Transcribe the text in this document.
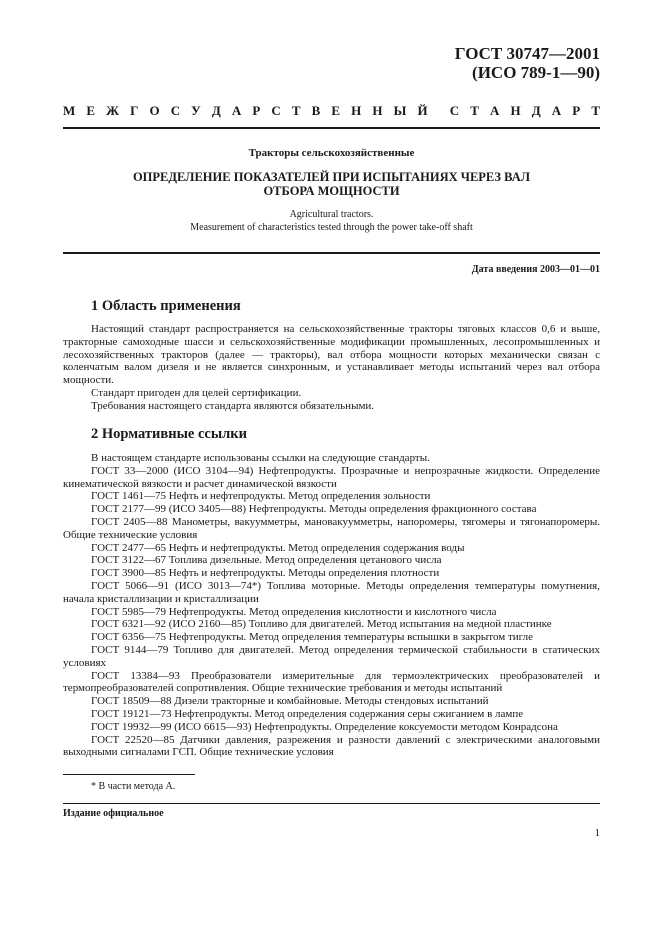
ГОСТ 30747—2001
(ИСО 789-1—90)
М Е Ж Г О С У Д А Р С Т В Е Н Н Ы Й С Т А Н Д А Р Т
Тракторы сельскохозяйственные
ОПРЕДЕЛЕНИЕ ПОКАЗАТЕЛЕЙ ПРИ ИСПЫТАНИЯХ ЧЕРЕЗ ВАЛ
ОТБОРА МОЩНОСТИ
Agricultural tractors.
Measurement of characteristics tested through the power take-off shaft
Дата введения 2003—01—01
1 Область применения

Настоящий стандарт распространяется на сельскохозяйственные тракторы тяговых классов 0,6 и выше, тракторные самоходные шасси и сельскохозяйственные модификации промышленных, лесопромышленных и лесохозяйственных тракторов (далее — тракторы), вал отбора мощности которых механически связан с коленчатым валом дизеля и не является синхронным, и устанавливает методы испытаний через вал отбора мощности.

Стандарт пригоден для целей сертификации.

Требования настоящего стандарта являются обязательными.

2 Нормативные ссылки

В настоящем стандарте использованы ссылки на следующие стандарты.

ГОСТ 33—2000 (ИСО 3104—94) Нефтепродукты. Прозрачные и непрозрачные жидкости. Определение кинематической вязкости и расчет динамической вязкости

ГОСТ 1461—75 Нефть и нефтепродукты. Метод определения зольности

ГОСТ 2177—99 (ИСО 3405—88) Нефтепродукты. Методы определения фракционного состава

ГОСТ 2405—88 Манометры, вакуумметры, мановакуумметры, напоромеры, тягомеры и тягонапоромеры. Общие технические условия

ГОСТ 2477—65 Нефть и нефтепродукты. Метод определения содержания воды

ГОСТ 3122—67 Топлива дизельные. Метод определения цетанового числа

ГОСТ 3900—85 Нефть и нефтепродукты. Методы определения плотности

ГОСТ 5066—91 (ИСО 3013—74*) Топлива моторные. Методы определения температуры помутнения, начала кристаллизации и кристаллизации

ГОСТ 5985—79 Нефтепродукты. Метод определения кислотности и кислотного числа

ГОСТ 6321—92 (ИСО 2160—85) Топливо для двигателей. Метод испытания на медной пластинке

ГОСТ 6356—75 Нефтепродукты. Метод определения температуры вспышки в закрытом тигле

ГОСТ 9144—79 Топливо для двигателей. Метод определения термической стабильности в статических условиях

ГОСТ 13384—93 Преобразователи измерительные для термоэлектрических преобразователей и термопреобразователей сопротивления. Общие технические требования и методы испытаний

ГОСТ 18509—88 Дизели тракторные и комбайновые. Методы стендовых испытаний

ГОСТ 19121—73 Нефтепродукты. Метод определения содержания серы сжиганием в лампе

ГОСТ 19932—99 (ИСО 6615—93) Нефтепродукты. Определение коксуемости методом Конрадсона

ГОСТ 22520—85 Датчики давления, разрежения и разности давлений с электрическими аналоговыми выходными сигналами ГСП. Общие технические условия

* В части метода А.
Издание официальное
1
